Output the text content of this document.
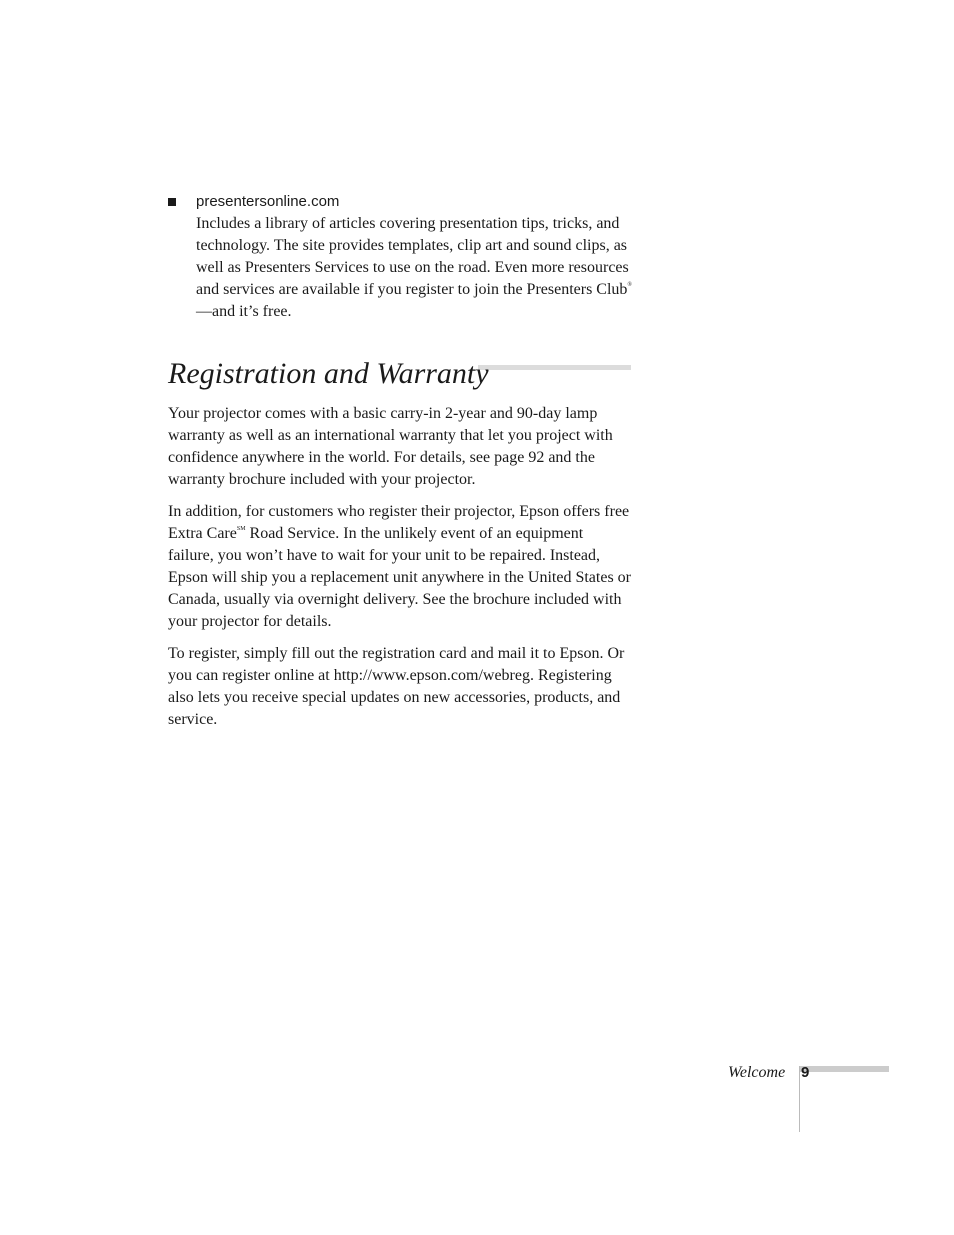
presentersonline.com
Includes a library of articles covering presentation tips, tricks, and technology. The site provides templates, clip art and sound clips, as well as Presenters Services to use on the road. Even more resources and services are available if you register to join the Presenters Club®—and it’s free.
Registration and Warranty

Your projector comes with a basic carry-in 2-year and 90-day lamp warranty as well as an international warranty that let you project with confidence anywhere in the world. For details, see page 92 and the warranty brochure included with your projector.

In addition, for customers who register their projector, Epson offers free Extra Care℠ Road Service. In the unlikely event of an equipment failure, you won’t have to wait for your unit to be repaired. Instead, Epson will ship you a replacement unit anywhere in the United States or Canada, usually via overnight delivery. See the brochure included with your projector for details.

To register, simply fill out the registration card and mail it to Epson. Or you can register online at http://www.epson.com/webreg. Registering also lets you receive special updates on new accessories, products, and service.

Welcome 9
